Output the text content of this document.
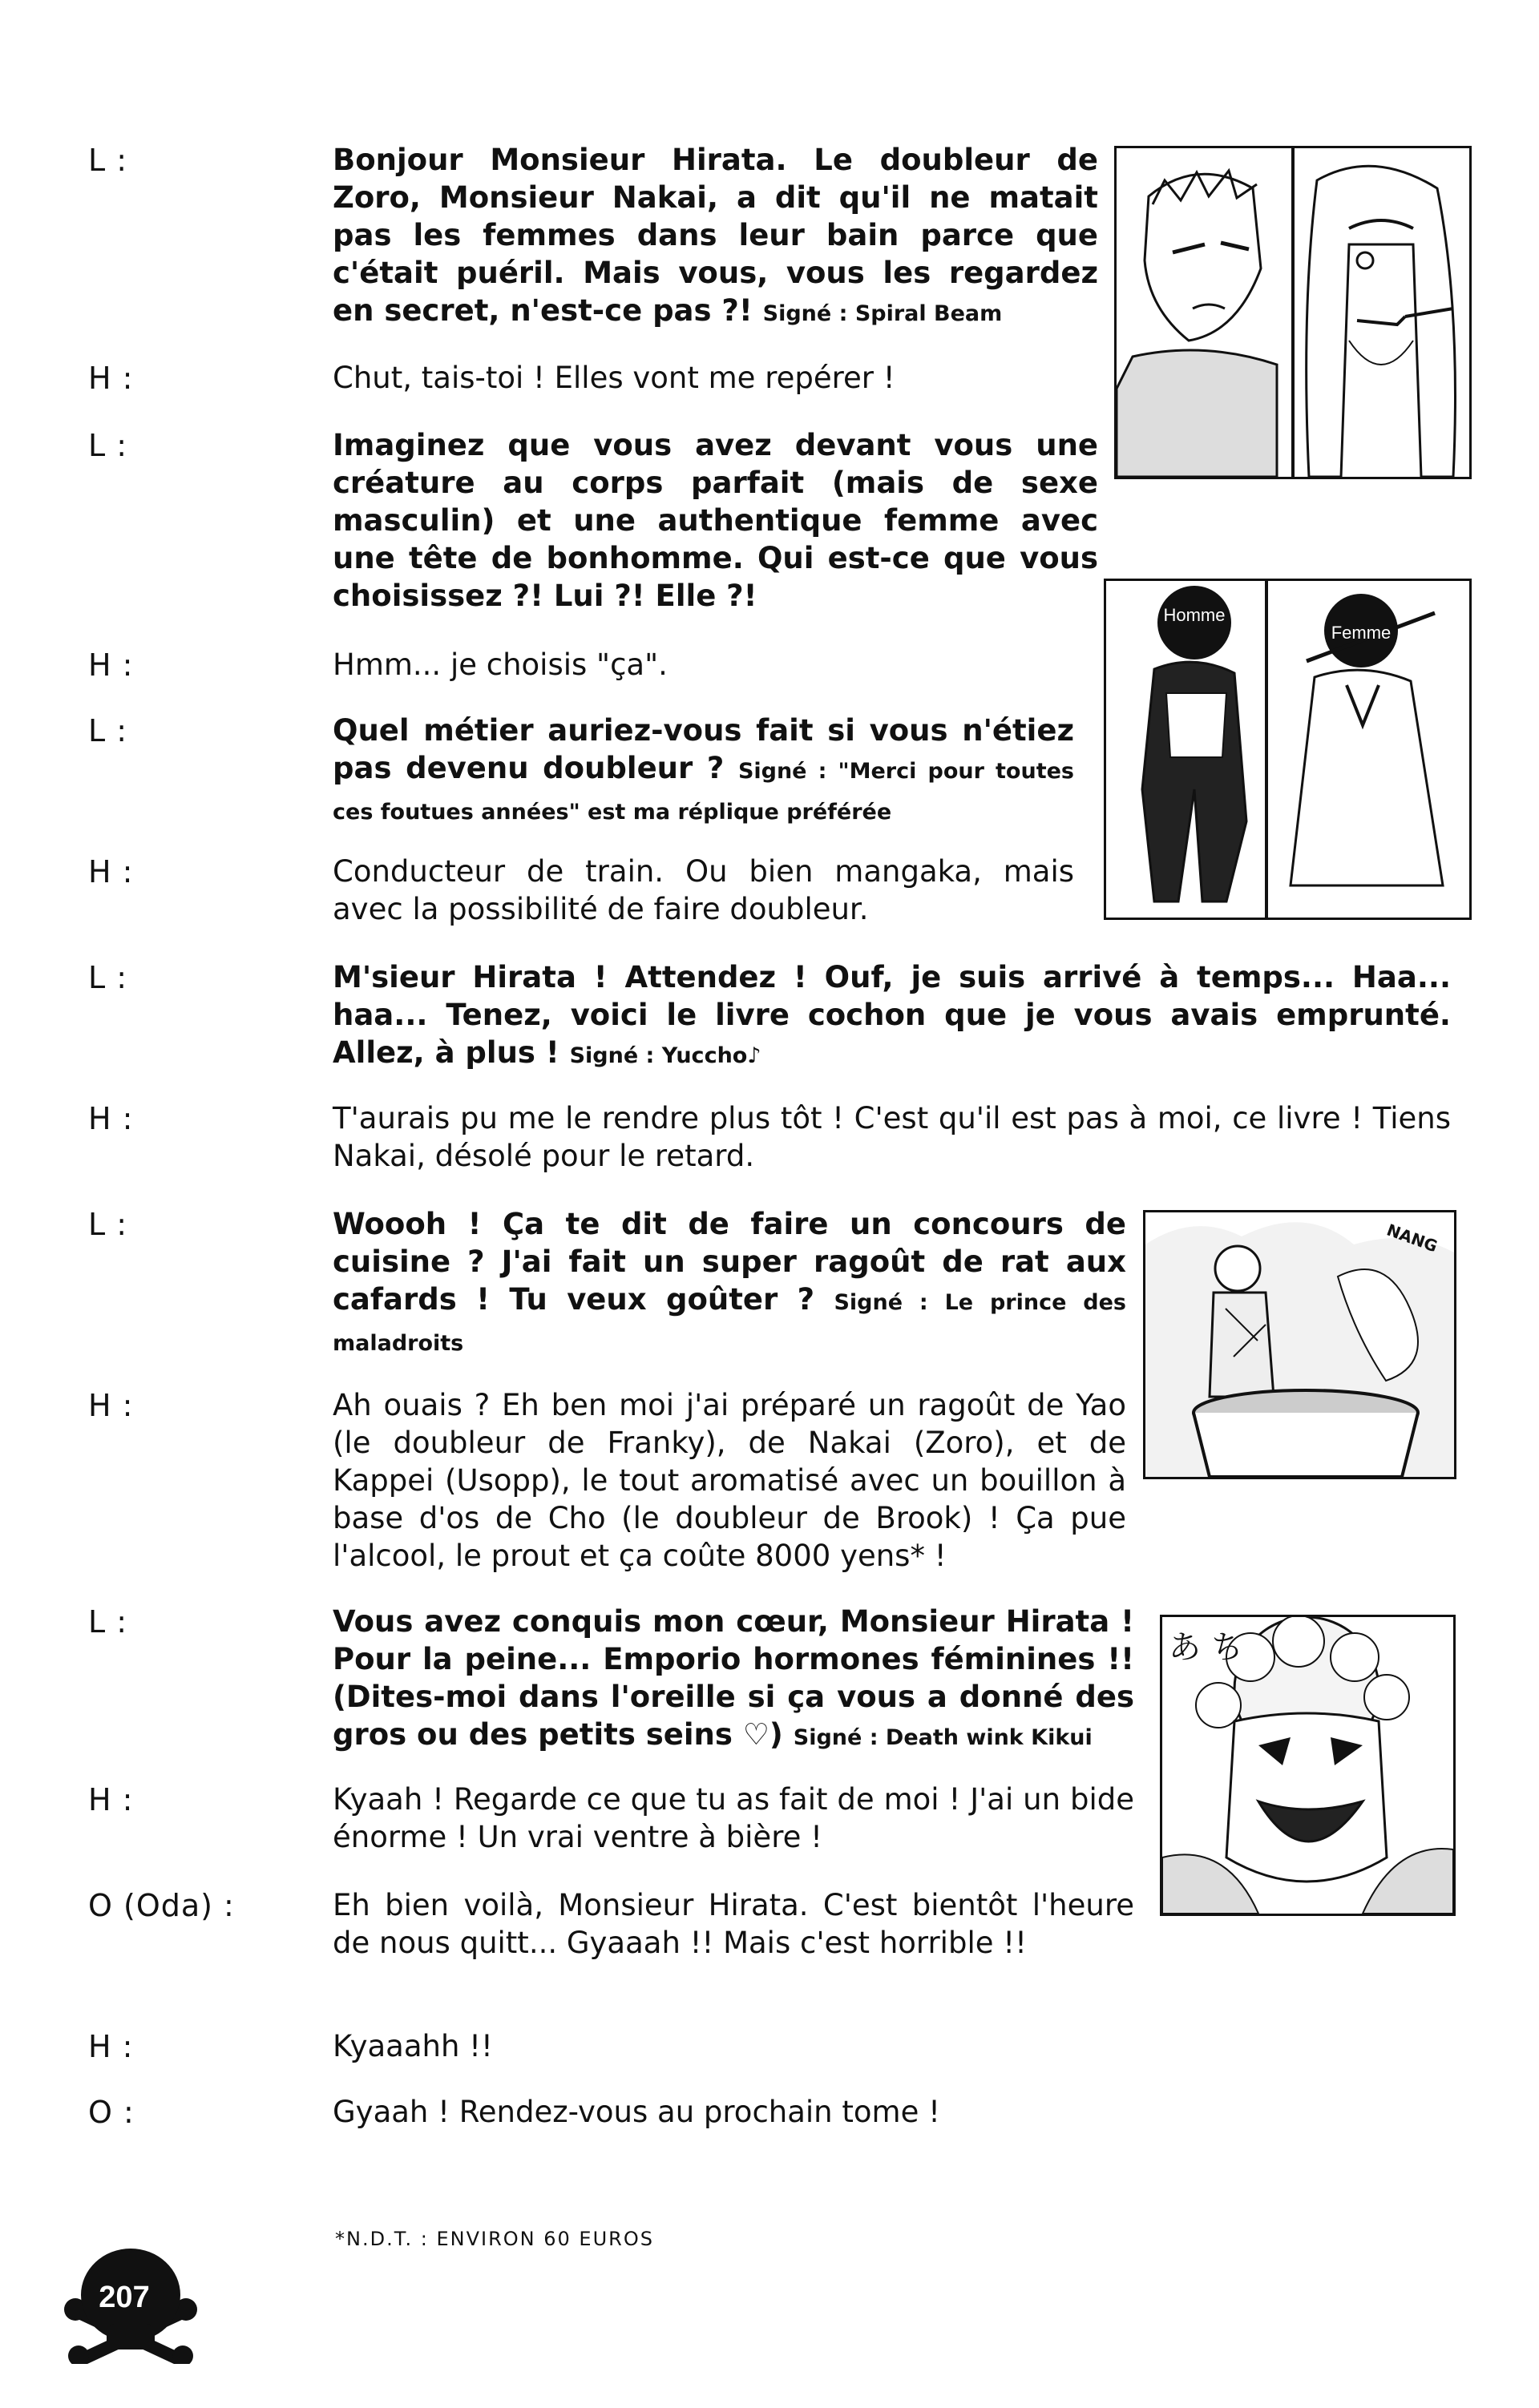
L :	Bonjour Monsieur Hirata. Le doubleur de Zoro, Monsieur Nakai, a dit qu'il ne matait pas les femmes dans leur bain parce que c'était puéril. Mais vous, vous les regardez en secret, n'est-ce pas ?! Signé : Spiral Beam
H :	Chut, tais-toi ! Elles vont me repérer !
L :	Imaginez que vous avez devant vous une créature au corps parfait (mais de sexe masculin) et une authentique femme avec une tête de bonhomme. Qui est-ce que vous choisissez ?! Lui ?! Elle ?!
H :	Hmm... je choisis "ça".
L :	Quel métier auriez-vous fait si vous n'étiez pas devenu doubleur ? Signé : "Merci pour toutes ces foutues années" est ma réplique préférée
H :	Conducteur de train. Ou bien mangaka, mais avec la possibilité de faire doubleur.
L :	M'sieur Hirata ! Attendez ! Ouf, je suis arrivé à temps... Haa... haa... Tenez, voici le livre cochon que je vous avais emprunté. Allez, à plus ! Signé : Yuccho♪
H :	T'aurais pu me le rendre plus tôt ! C'est qu'il est pas à moi, ce livre ! Tiens Nakai, désolé pour le retard.
L :	Woooh ! Ça te dit de faire un concours de cuisine ? J'ai fait un super ragoût de rat aux cafards ! Tu veux goûter ? Signé : Le prince des maladroits
H :	Ah ouais ? Eh ben moi j'ai préparé un ragoût de Yao (le doubleur de Franky), de Nakai (Zoro), et de Kappei (Usopp), le tout aromatisé avec un bouillon à base d'os de Cho (le doubleur de Brook) ! Ça pue l'alcool, le prout et ça coûte 8000 yens* !
L :	Vous avez conquis mon cœur, Monsieur Hirata ! Pour la peine... Emporio hormones féminines !! (Dites-moi dans l'oreille si ça vous a donné des gros ou des petits seins ♡) Signé : Death wink Kikui
H :	Kyaah ! Regarde ce que tu as fait de moi ! J'ai un bide énorme ! Un vrai ventre à bière !
O (Oda) :	Eh bien voilà, Monsieur Hirata. C'est bientôt l'heure de nous quitt... Gyaaah !! Mais c'est horrible !!
H :	Kyaaahh !!
O :	Gyaah ! Rendez-vous au prochain tome !
Homme
Femme
NANG
あ ち
*N.D.T. : ENVIRON 60 EUROS
207
